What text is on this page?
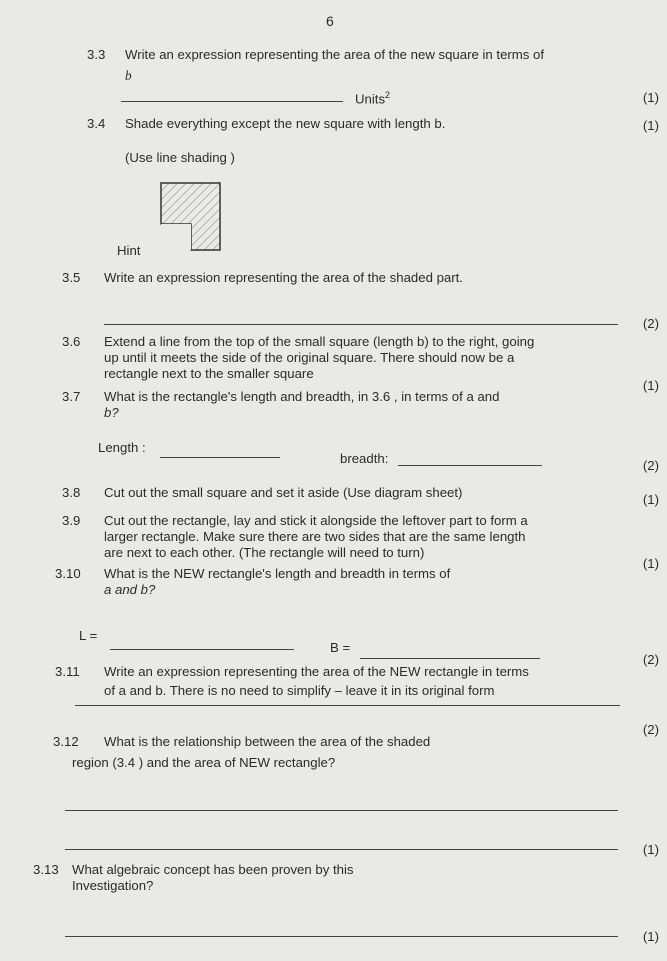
6
3.3 Write an expression representing the area of the new square in terms of
b
Units$^2$	(1)
3.4 Shade everything except the new square with length b.	(1)
(Use line shading )
Hint
3.5 Write an expression representing the area of the shaded part.
(2)
3.6 Extend a line from the top of the small square (length b) to the right, going
up until it meets the side of the original square. There should now be a
rectangle next to the smaller square
(1)
3.7 What is the rectangle's length and breadth, in 3.6 , in terms of a and
b?
Length :
breadth:	(2)
3.8 Cut out the small square and set it aside (Use diagram sheet)	(1)
3.9 Cut out the rectangle, lay and stick it alongside the leftover part to form a
larger rectangle. Make sure there are two sides that are the same length
are next to each other. (The rectangle will need to turn)
(1)
3.10 What is the NEW rectangle's length and breadth in terms of
a and b?
L =
B =
(2)
3.11 Write an expression representing the area of the NEW rectangle in terms
of a and b. There is no need to simplify – leave it in its original form
(2)
3.12 What is the relationship between the area of the shaded
region (3.4 ) and the area of NEW rectangle?
(1)
3.13 What algebraic concept has been proven by this
Investigation?
(1)
